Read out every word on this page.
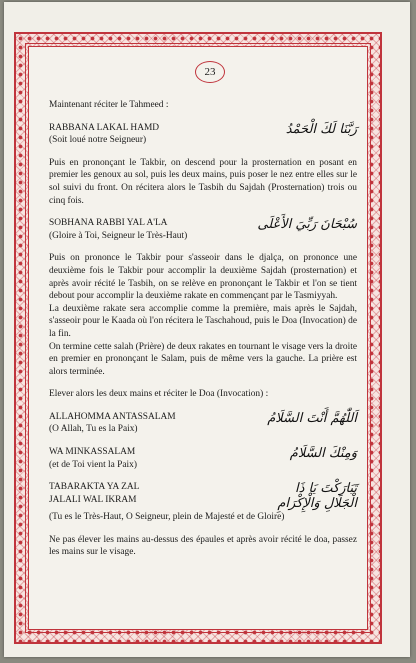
23

Maintenant réciter le Tahmeed :

RABBANA LAKAL HAMD

(Soit loué notre Seigneur)

رَبَّنَا لَكَ الْحَمْدُ

Puis en prononçant le Takbir, on descend pour la prosternation en posant en premier les genoux au sol, puis les deux mains, puis poser le nez entre elles sur le sol suivi du front. On récitera alors le Tasbih du Sajdah (Prosternation) trois ou cinq fois.

SOBHANA RABBI YAL A'LA

(Gloire à Toi, Seigneur le Très-Haut)

سُبْحَانَ رَبِّيَ الأَعْلَى

Puis on prononce le Takbir pour s'asseoir dans le djalça, on prononce une deuxième fois le Takbir pour accomplir la deuxième Sajdah (prosternation) et après avoir récité le Tasbih, on se relève en prononçant le Takbir et l'on se tient debout pour accomplir la deuxième rakate en commençant par le Tasmiyyah.

La deuxième rakate sera accomplie comme la première, mais après le Sajdah, s'asseoir pour le Kaada où l'on récitera le Taschahoud, puis le Doa (Invocation) de la fin.

On termine cette salah (Prière) de deux rakates en tournant le visage vers la droite en premier en prononçant le Salam, puis de même vers la gauche. La prière est alors terminée.

Elever alors les deux mains et réciter le Doa (Invocation) :

ALLAHOMMA ANTASSALAM

(O Allah, Tu es la Paix)

اَللّٰهُمَّ أَنْتَ السَّلَامُ

WA MINKASSALAM

(et de Toi vient la Paix)

وَمِنْكَ السَّلَامُ

TABARAKTA YA ZAL

JALALI WAL IKRAM

تَبَارَكْتَ يَا ذَا
الْجَلَالِ وَالْإِكْرَامِ

(Tu es le Très-Haut, O Seigneur, plein de Majesté et de Gloire)

Ne pas élever les mains au-dessus des épaules et après avoir récité le doa, passez les mains sur le visage.
